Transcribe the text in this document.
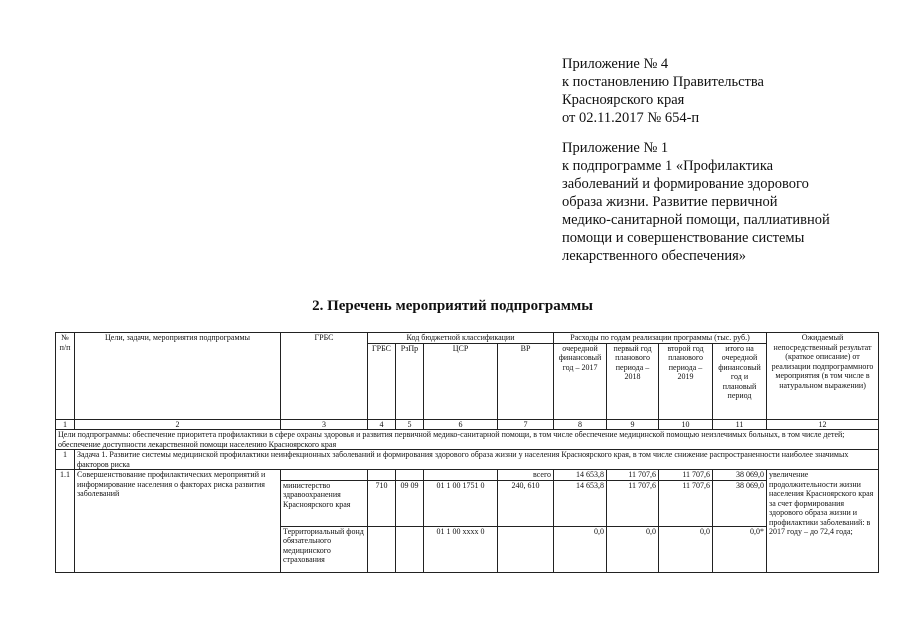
Приложение № 4
к постановлению Правительства
Красноярского края
от 02.11.2017 № 654-п
Приложение № 1
к подпрограмме 1 «Профилактика
заболеваний и формирование здорового
образа жизни. Развитие первичной
медико-санитарной помощи, паллиативной
помощи и совершенствование системы
лекарственного обеспечения»
2. Перечень мероприятий подпрограммы
№ п/п	Цели, задачи, мероприятия подпрограммы	ГРБС	Код бюджетной классификации				Расходы по годам реализации программы (тыс. руб.)				Ожидаемый непосредственный результат (краткое описание) от реализации подпрограммного мероприятия (в том числе в натуральном выражении)
			ГРБС	РзПр	ЦСР	ВР	очередной финансовый год – 2017	первый год планового периода – 2018	второй год планового периода – 2019	итого на очередной финансовый год и плановый период	
1	2	3	4	5	6	7	8	9	10	11	12
Цели подпрограммы: обеспечение приоритета профилактики в сфере охраны здоровья и развития первичной медико-санитарной помощи, в том числе обеспечение медицинской помощью неизлечимых больных, в том числе детей; обеспечение доступности лекарственной помощи населению Красноярского края											
1	Задача 1. Развитие системы медицинской профилактики неинфекционных заболеваний и формирования здорового образа жизни у населения Красноярского края, в том числе снижение распространенности наиболее значимых факторов риска										
1.1	Совершенствование профилактических мероприятий и информирование населения о факторах риска развития заболеваний					всего	14 653,8	11 707,6	11 707,6	38 069,0	увеличение продолжительности жизни населения Красноярского края за счет формирования здорового образа жизни и профилактики заболеваний: в 2017 году – до 72,4 года;
		министерство здравоохранения Красноярского края	710	09 09	01 1 00 1751 0	240, 610	14 653,8	11 707,6	11 707,6	38 069,0	
		Территориальный фонд обязательного медицинского страхования			01 1 00 хххх 0		0,0	0,0	0,0	0,0*	
